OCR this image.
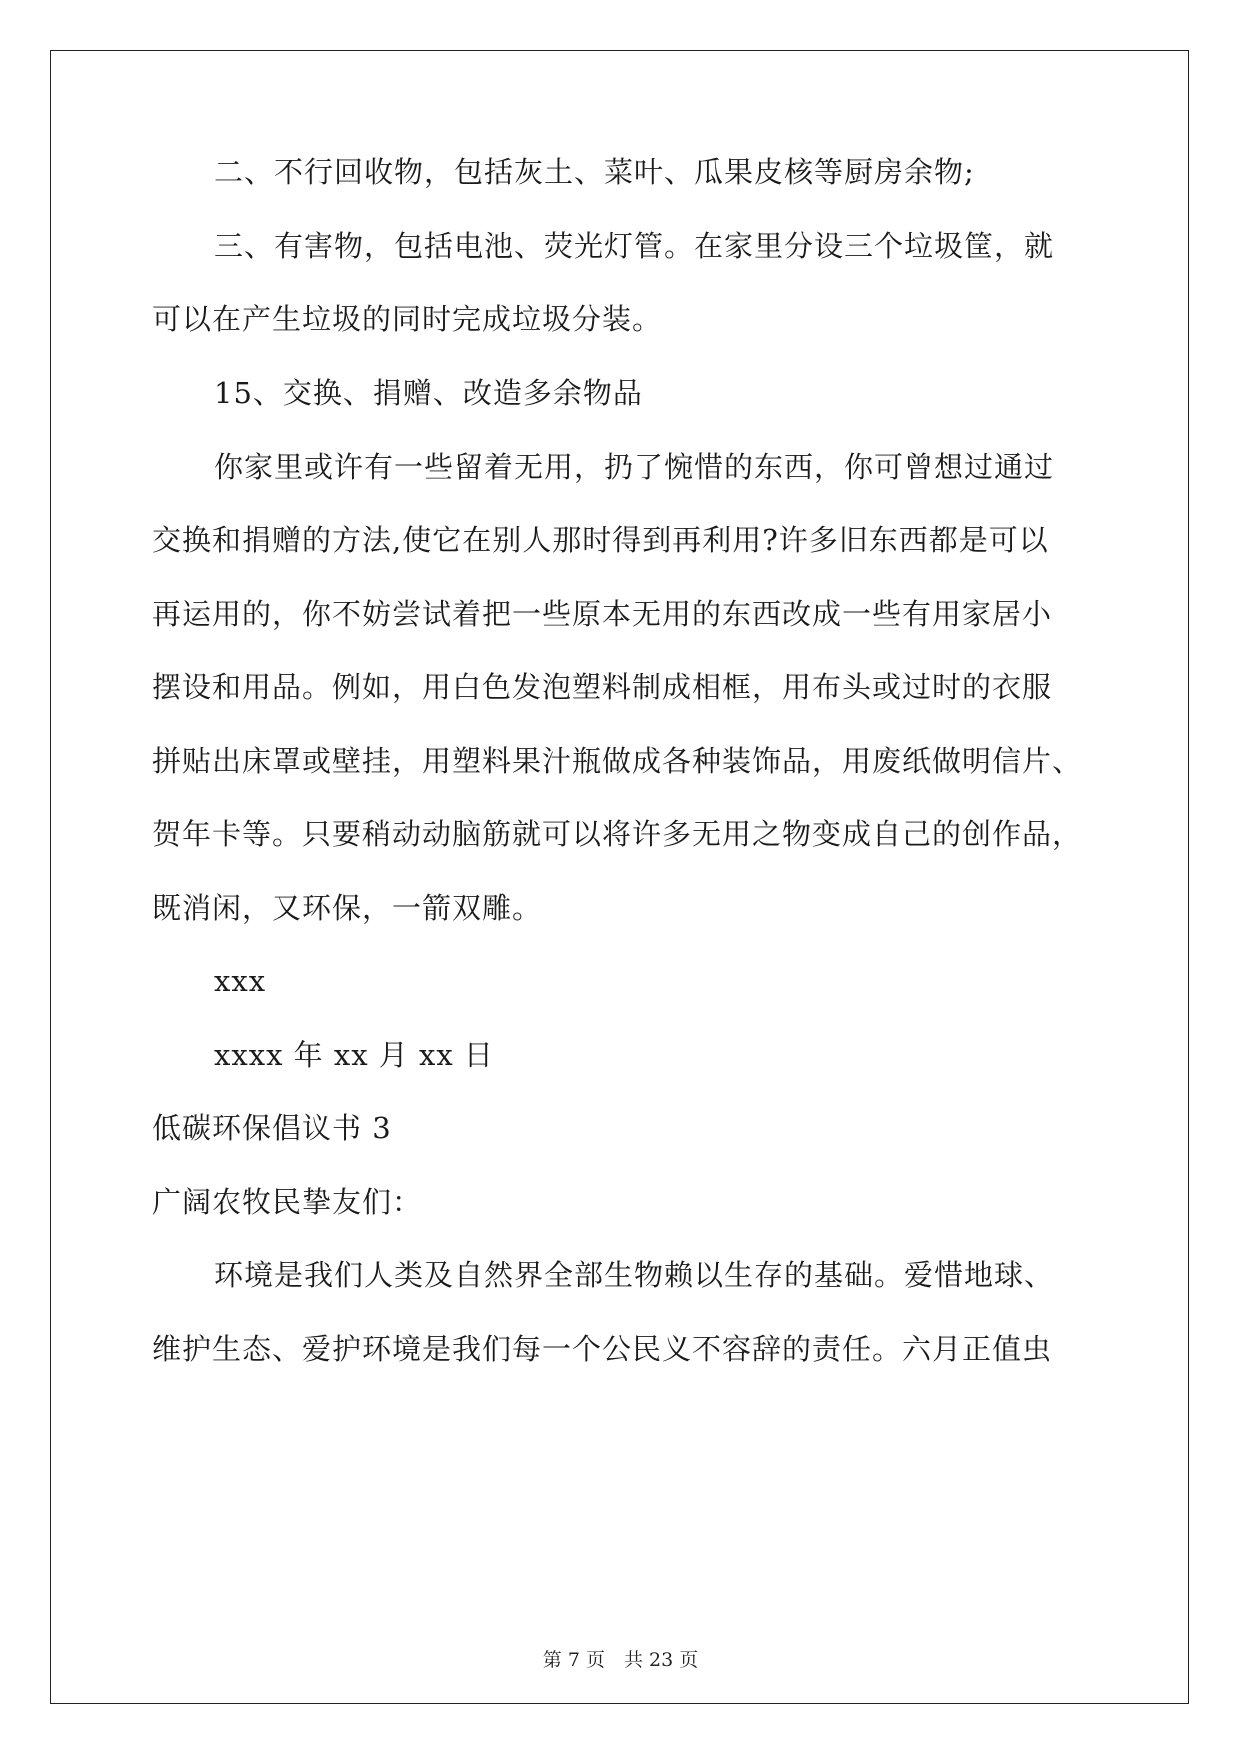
二、不行回收物，包括灰土、菜叶、瓜果皮核等厨房余物;
三、有害物，包括电池、荧光灯管。在家里分设三个垃圾筐，就
可以在产生垃圾的同时完成垃圾分装。
15、交换、捐赠、改造多余物品
你家里或许有一些留着无用，扔了惋惜的东西，你可曾想过通过
交换和捐赠的方法,使它在别人那时得到再利用?许多旧东西都是可以
再运用的，你不妨尝试着把一些原本无用的东西改成一些有用家居小
摆设和用品。例如，用白色发泡塑料制成相框，用布头或过时的衣服
拼贴出床罩或壁挂，用塑料果汁瓶做成各种装饰品，用废纸做明信片、
贺年卡等。只要稍动动脑筋就可以将许多无用之物变成自己的创作品，
既消闲，又环保，一箭双雕。
xxx
xxxx 年 xx 月 xx 日
低碳环保倡议书 3
广阔农牧民挚友们：
环境是我们人类及自然界全部生物赖以生存的基础。爱惜地球、
维护生态、爱护环境是我们每一个公民义不容辞的责任。六月正值虫
第 7 页　共 23 页
